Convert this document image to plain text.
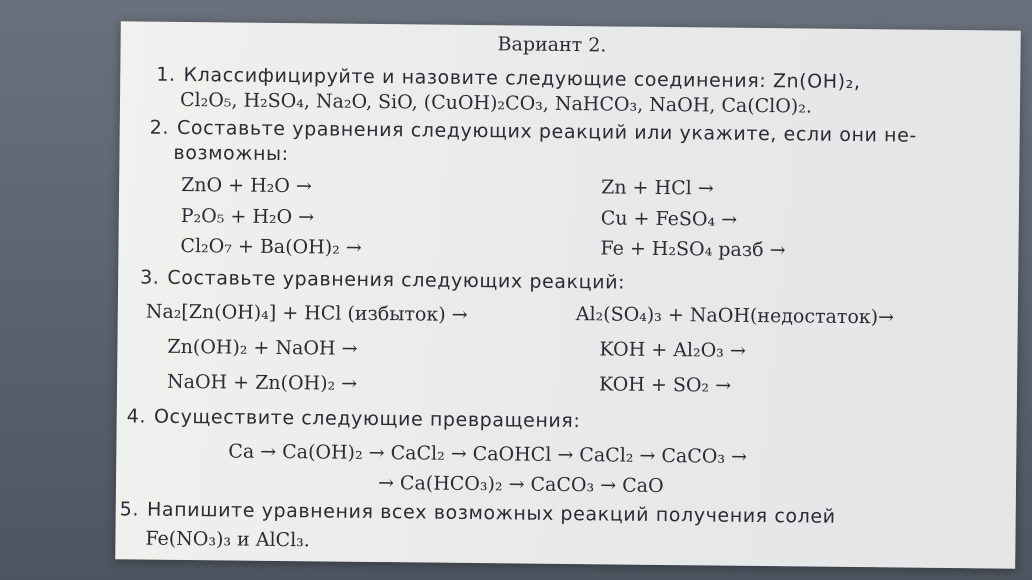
Вариант 2.
1. Классифицируйте и назовите следующие соединения: Zn(OH)₂,
Cl₂O₅, H₂SO₄, Na₂O, SiO, (CuOH)₂CO₃, NaHCO₃, NaOH, Ca(ClO)₂.
2. Составьте уравнения следующих реакций или укажите, если они не-
возможны:
ZnO + H₂O →
P₂O₅ + H₂O →
Cl₂O₇ + Ba(OH)₂ →
Zn + HCl →
Cu + FeSO₄ →
Fe + H₂SO₄ разб →
3. Составьте уравнения следующих реакций:
Na₂[Zn(OH)₄] + HCl (избыток) →
Zn(OH)₂ + NaOH →
NaOH + Zn(OH)₂ →
Al₂(SO₄)₃ + NaOH(недостаток)→
KOH + Al₂O₃ →
KOH + SO₂ →
4. Осуществите следующие превращения:
Ca → Ca(OH)₂ → CaCl₂ → CaOHCl → CaCl₂ → CaCO₃ →
→ Ca(HCO₃)₂ → CaCO₃ → CaO
5. Напишите уравнения всех возможных реакций получения солей
Fe(NO₃)₃ и AlCl₃.
